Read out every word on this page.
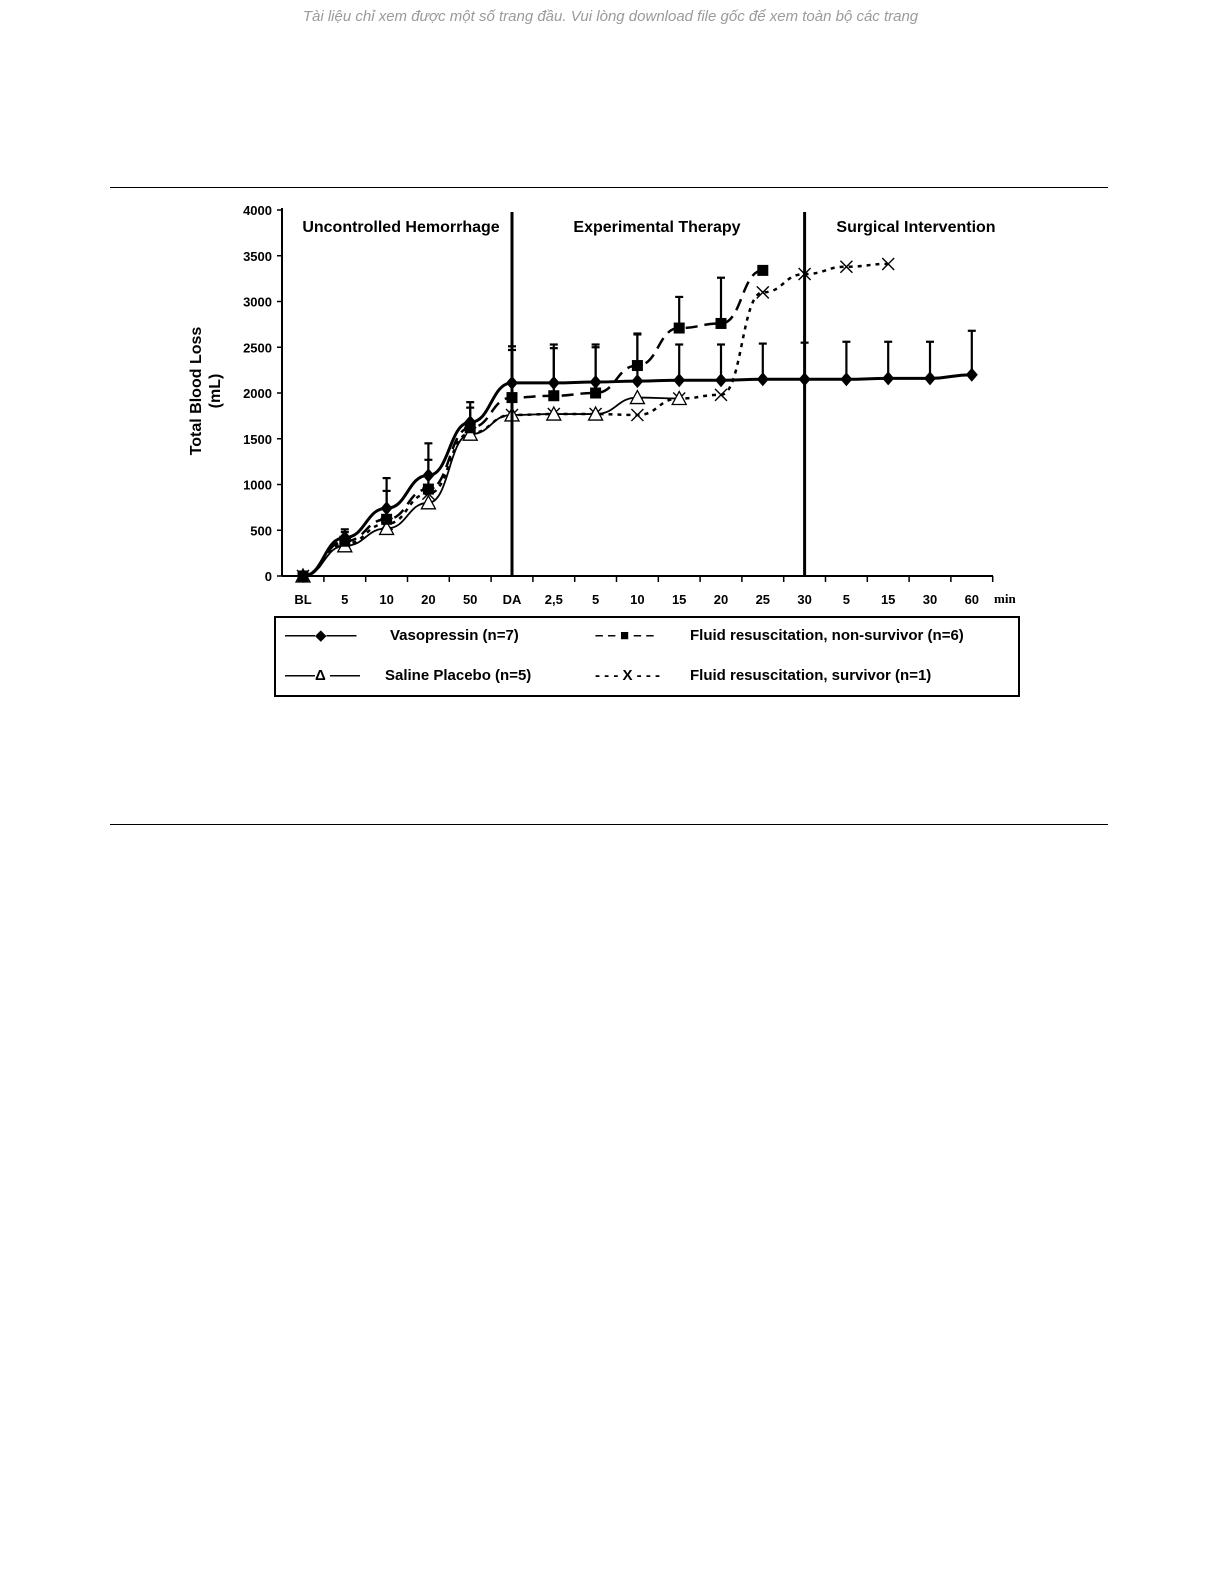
Tài liệu chỉ xem được một số trang đầu. Vui lòng download file gốc để xem toàn bộ các trang
0
500
1000
1500
2000
2500
3000
3500
4000
BL 5 10 20 50 DA 2,5 5 10 15 20 25 30 5 15 30 60
Uncontrolled Hemorrhage	Experimental Therapy	Surgical Intervention
Total Blood Loss (mL)
min
——◆—— Vasopressin (n=7)	– – ■ – – Fluid resuscitation, non-survivor (n=6)
——Δ —— Saline Placebo (n=5)	- - - X - - - Fluid resuscitation, survivor (n=1)
